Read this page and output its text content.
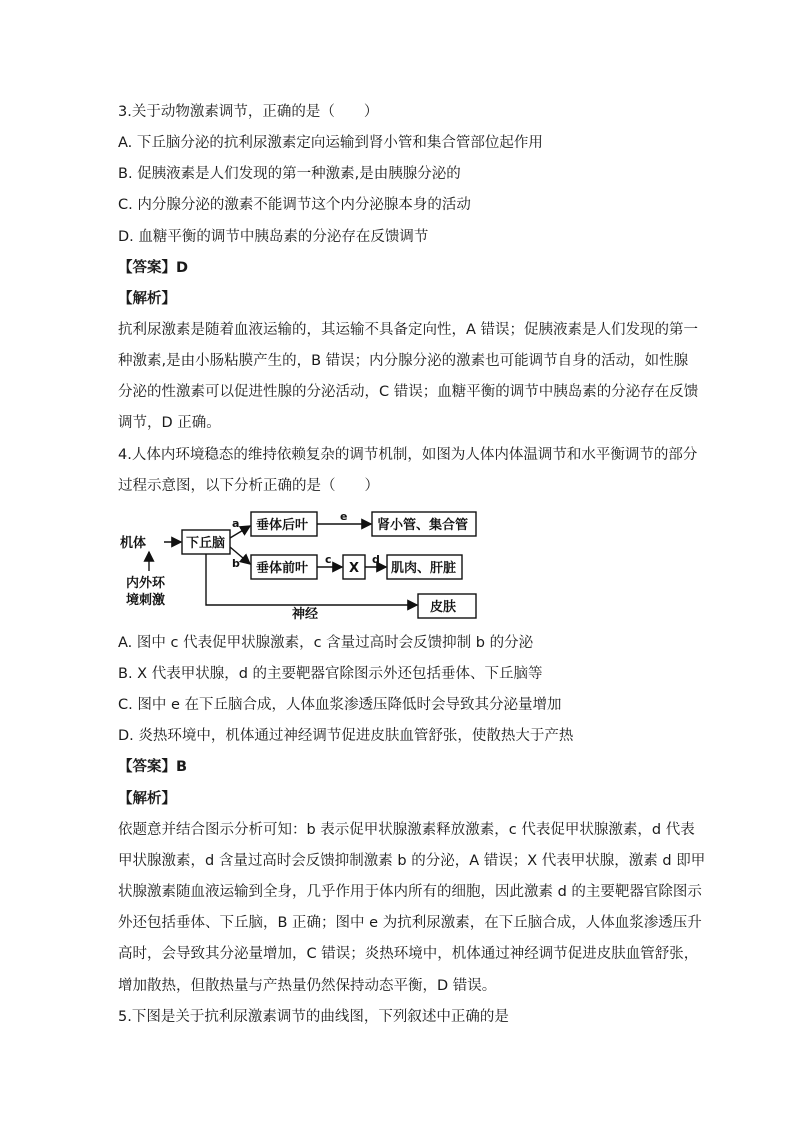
3.关于动物激素调节，正确的是（　　）
A. 下丘脑分泌的抗利尿激素定向运输到肾小管和集合管部位起作用
B. 促胰液素是人们发现的第一种激素,是由胰腺分泌的
C. 内分腺分泌的激素不能调节这个内分泌腺本身的活动
D. 血糖平衡的调节中胰岛素的分泌存在反馈调节
【答案】D
【解析】
抗利尿激素是随着血液运输的，其运输不具备定向性，A 错误；促胰液素是人们发现的第一
种激素,是由小肠粘膜产生的，B 错误；内分腺分泌的激素也可能调节自身的活动，如性腺
分泌的性激素可以促进性腺的分泌活动，C 错误；血糖平衡的调节中胰岛素的分泌存在反馈
调节，D 正确。
4.人体内环境稳态的维持依赖复杂的调节机制，如图为人体内体温调节和水平衡调节的部分
过程示意图，以下分析正确的是（　　）
机体	下丘脑
垂体后叶	肾小管、集合管
垂体前叶	X 肌肉、肝脏
皮肤
内外环
境刺激
a
b	c	d
e
神经
A. 图中 c 代表促甲状腺激素，c 含量过高时会反馈抑制 b 的分泌
B. X 代表甲状腺，d 的主要靶器官除图示外还包括垂体、下丘脑等
C. 图中 e 在下丘脑合成，人体血浆渗透压降低时会导致其分泌量增加
D. 炎热环境中，机体通过神经调节促进皮肤血管舒张，使散热大于产热
【答案】B
【解析】
依题意并结合图示分析可知：b 表示促甲状腺激素释放激素，c 代表促甲状腺激素，d 代表
甲状腺激素，d 含量过高时会反馈抑制激素 b 的分泌，A 错误；X 代表甲状腺，激素 d 即甲
状腺激素随血液运输到全身，几乎作用于体内所有的细胞，因此激素 d 的主要靶器官除图示
外还包括垂体、下丘脑，B 正确；图中 e 为抗利尿激素，在下丘脑合成，人体血浆渗透压升
高时，会导致其分泌量增加，C 错误；炎热环境中，机体通过神经调节促进皮肤血管舒张，
增加散热，但散热量与产热量仍然保持动态平衡，D 错误。
5.下图是关于抗利尿激素调节的曲线图，下列叙述中正确的是
